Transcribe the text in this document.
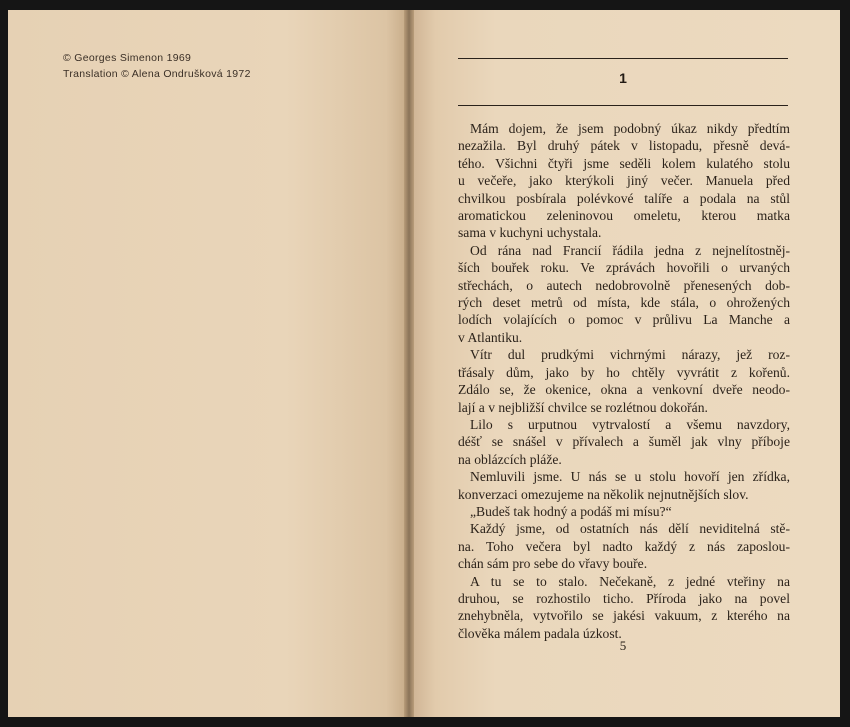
© Georges Simenon 1969
Translation © Alena Ondrušková 1972	1
Mám dojem, že jsem podobný úkaz nikdy předtím
nezažila. Byl druhý pátek v listopadu, přesně devá-
tého. Všichni čtyři jsme seděli kolem kulatého stolu
u večeře, jako kterýkoli jiný večer. Manuela před
chvilkou posbírala polévkové talíře a podala na stůl
aromatickou zeleninovou omeletu, kterou matka
sama v kuchyni uchystala.
Od rána nad Francií řádila jedna z nejnelítostněj-
ších bouřek roku. Ve zprávách hovořili o urvaných
střechách, o autech nedobrovolně přenesených dob-
rých deset metrů od místa, kde stála, o ohrožených
lodích volajících o pomoc v průlivu La Manche a
v Atlantiku.
Vítr dul prudkými vichrnými nárazy, jež roz-
třásaly dům, jako by ho chtěly vyvrátit z kořenů.
Zdálo se, že okenice, okna a venkovní dveře neodo-
lají a v nejbližší chvilce se rozlétnou dokořán.
Lilo s urputnou vytrvalostí a všemu navzdory,
déšť se snášel v přívalech a šuměl jak vlny příboje
na oblázcích pláže.
Nemluvili jsme. U nás se u stolu hovoří jen zřídka,
konverzaci omezujeme na několik nejnutnějších slov.
„Budeš tak hodný a podáš mi mísu?“
Každý jsme, od ostatních nás dělí neviditelná stě-
na. Toho večera byl nadto každý z nás zaposlou-
chán sám pro sebe do vřavy bouře.
A tu se to stalo. Nečekaně, z jedné vteřiny na
druhou, se rozhostilo ticho. Příroda jako na povel
znehybněla, vytvořilo se jakési vakuum, z kterého na
člověka málem padala úzkost.
5
